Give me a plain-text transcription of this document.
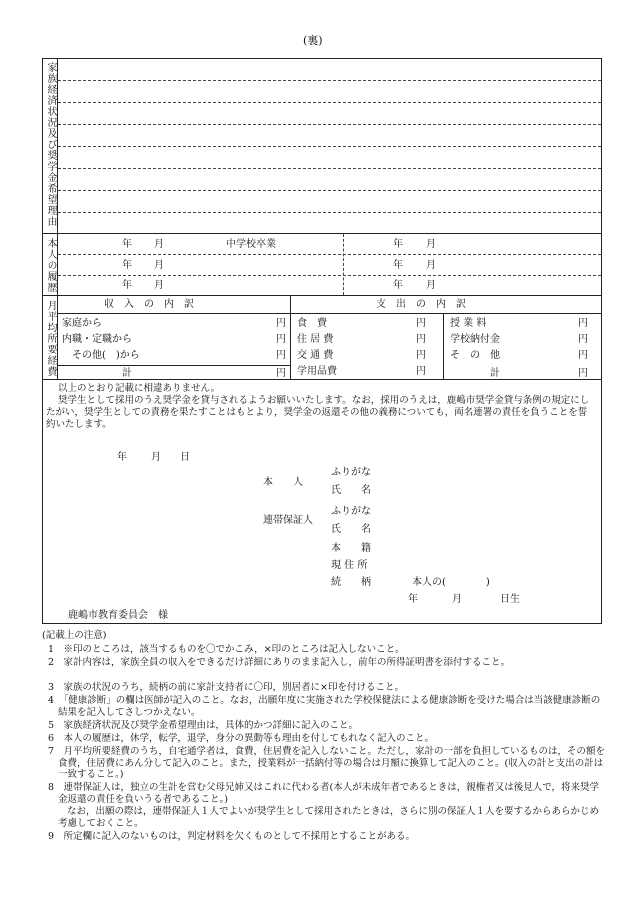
(裏)
家族経済状況及び奨学金希望理由
本人の履歴	年 月	中学校卒業	年 月
年 月	年 月
年 月	年 月
月平均所要経費	収　入　の　内　訳	支　出　の　内　訳
家庭から	円
内職・定職から	円
その他(　)から	円
計	円
食　費	円 授 業 料	円
住 居 費	円 学校納付金	円
交 通 費	円 そ　の　他	円
学用品費	円	計	円
以上のとおり記載に相違ありません。
奨学生として採用のうえ奨学金を貸与されるようお願いいたします。なお，採用のうえは，鹿嶋市奨学金貸与条例の規定にしたがい，奨学生としての責務を果たすことはもとより，奨学金の返還その他の義務についても，両名連署の責任を負うことを誓約いたします。
年 月 日
本　　人
ふりがな
氏　　名
連帯保証人
ふりがな
氏　　名
本　　籍
現 住 所
続　　柄	本人の(　　　　)
年	月	日生
鹿嶋市教育委員会　様
(記載上の注意)
1　※印のところは，該当するものを〇でかこみ，×印のところは記入しないこと。
2　家計内容は，家族全員の収入をできるだけ詳細にありのまま記入し，前年の所得証明書を添付すること。
3　家族の状況のうち，続柄の前に家計支持者に〇印，別居者に×印を付けること。
4　「健康診断」の欄は医師が記入のこと。なお，出願年度に実施された学校保健法による健康診断を受けた場合は当該健康診断の結果を記入してさしつかえない。
5　家族経済状況及び奨学金希望理由は，具体的かつ詳細に記入のこと。
6　本人の履歴は，休学，転学，退学，身分の異動等も理由を付してもれなく記入のこと。
7　月平均所要経費のうち，自宅通学者は，食費，住居費を記入しないこと。ただし，家計の一部を負担しているものは，その額を食費，住居費にあん分して記入のこと。また，授業料が一括納付等の場合は月額に換算して記入のこと。(収入の計と支出の計は一致すること。)
8　連帯保証人は，独立の生計を営む父母兄姉又はこれに代わる者(本人が未成年者であるときは，親権者又は後見人で，将来奨学金返還の責任を負いうる者であること。)
　　なお，出願の際は，連帯保証人１人でよいが奨学生として採用されたときは，さらに別の保証人１人を要するからあらかじめ考慮しておくこと。
9　所定欄に記入のないものは，判定材料を欠くものとして不採用とすることがある。
